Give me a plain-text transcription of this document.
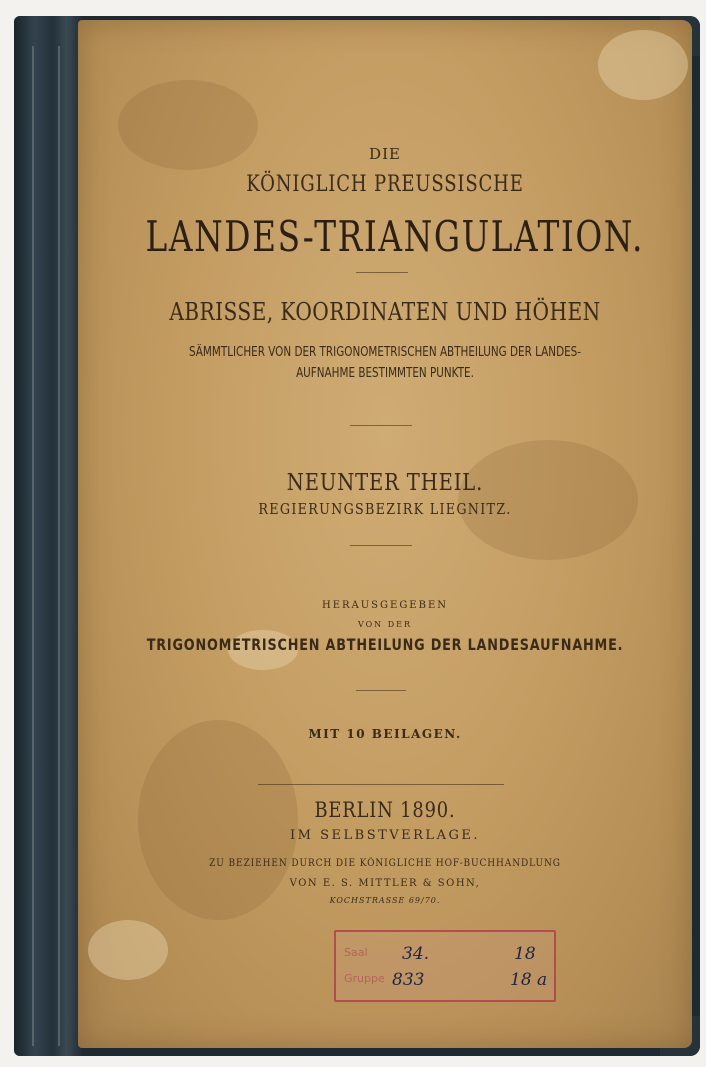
DIE
KÖNIGLICH PREUSSISCHE
LANDES-TRIANGULATION.
ABRISSE, KOORDINATEN UND HÖHEN
SÄMMTLICHER VON DER TRIGONOMETRISCHEN ABTHEILUNG DER LANDES-
AUFNAHME BESTIMMTEN PUNKTE.
NEUNTER THEIL.
REGIERUNGSBEZIRK LIEGNITZ.
HERAUSGEGEBEN
VON DER
TRIGONOMETRISCHEN ABTHEILUNG DER LANDESAUFNAHME.
MIT 10 BEILAGEN.
BERLIN 1890.
IM SELBSTVERLAGE.
ZU BEZIEHEN DURCH DIE KÖNIGLICHE HOF-BUCHHANDLUNG
VON E. S. MITTLER & SOHN,
KOCHSTRASSE 69/70.
Saal
Gruppe
34.
833
18
18 a
